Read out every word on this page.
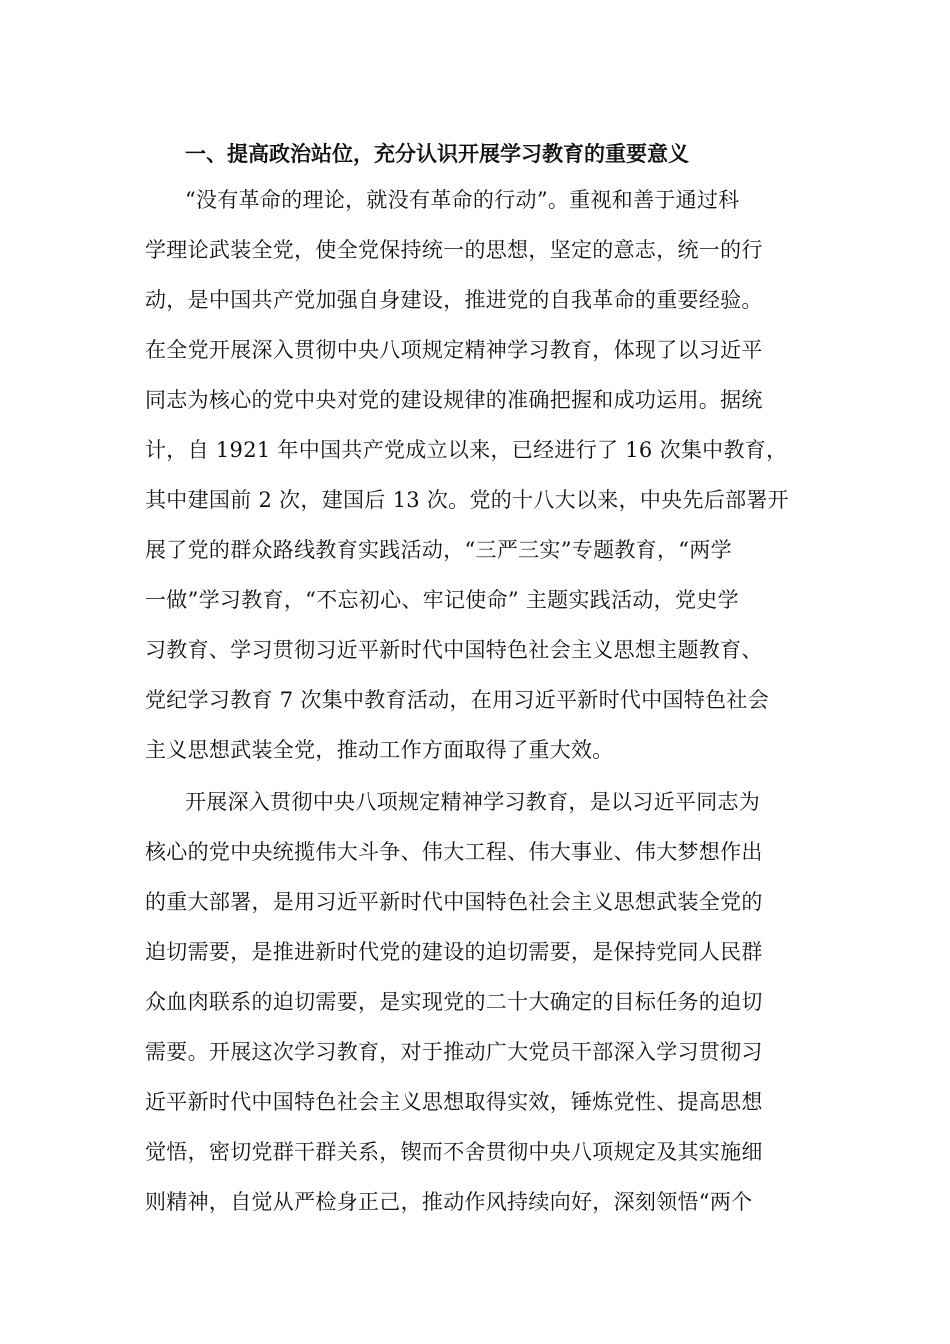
一、提高政治站位，充分认识开展学习教育的重要意义
“没有革命的理论，就没有革命的行动”。重视和善于通过科
学理论武装全党，使全党保持统一的思想，坚定的意志，统一的行
动，是中国共产党加强自身建设，推进党的自我革命的重要经验。
在全党开展深入贯彻中央八项规定精神学习教育，体现了以习近平
同志为核心的党中央对党的建设规律的准确把握和成功运用。据统
计，自 1921 年中国共产党成立以来，已经进行了 16 次集中教育，
其中建国前 2 次，建国后 13 次。党的十八大以来，中央先后部署开
展了党的群众路线教育实践活动，“三严三实”专题教育，“两学
一做”学习教育，“不忘初心、牢记使命” 主题实践活动，党史学
习教育、学习贯彻习近平新时代中国特色社会主义思想主题教育、
党纪学习教育 7 次集中教育活动，在用习近平新时代中国特色社会
主义思想武装全党，推动工作方面取得了重大效。
开展深入贯彻中央八项规定精神学习教育，是以习近平同志为
核心的党中央统揽伟大斗争、伟大工程、伟大事业、伟大梦想作出
的重大部署，是用习近平新时代中国特色社会主义思想武装全党的
迫切需要，是推进新时代党的建设的迫切需要，是保持党同人民群
众血肉联系的迫切需要，是实现党的二十大确定的目标任务的迫切
需要。开展这次学习教育，对于推动广大党员干部深入学习贯彻习
近平新时代中国特色社会主义思想取得实效，锤炼党性、提高思想
觉悟，密切党群干群关系，锲而不舍贯彻中央八项规定及其实施细
则精神，自觉从严检身正己，推动作风持续向好，深刻领悟“两个
